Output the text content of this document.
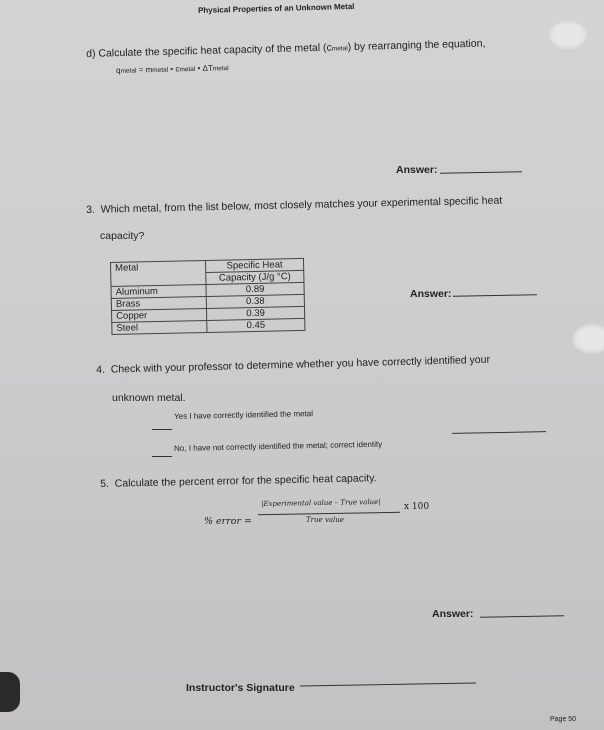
Physical Properties of an Unknown Metal
d) Calculate the specific heat capacity of the metal (cmetal) by rearranging the equation,
qmetal = mmetal • cmetal • ΔTmetal
Answer:
3. Which metal, from the list below, most closely matches your experimental specific heat
capacity?
Metal	Specific Heat
	Capacity (J/g °C)
Aluminum	0.89
Brass	0.38
Copper	0.39
Steel	0.45
Answer:
4. Check with your professor to determine whether you have correctly identified your
unknown metal.
Yes I have correctly identified the metal
No, I have not correctly identified the metal; correct identity
5. Calculate the percent error for the specific heat capacity.
% error =
|Experimental value – True value|
True value
x 100
Answer:
Instructor's Signature
Page 50
